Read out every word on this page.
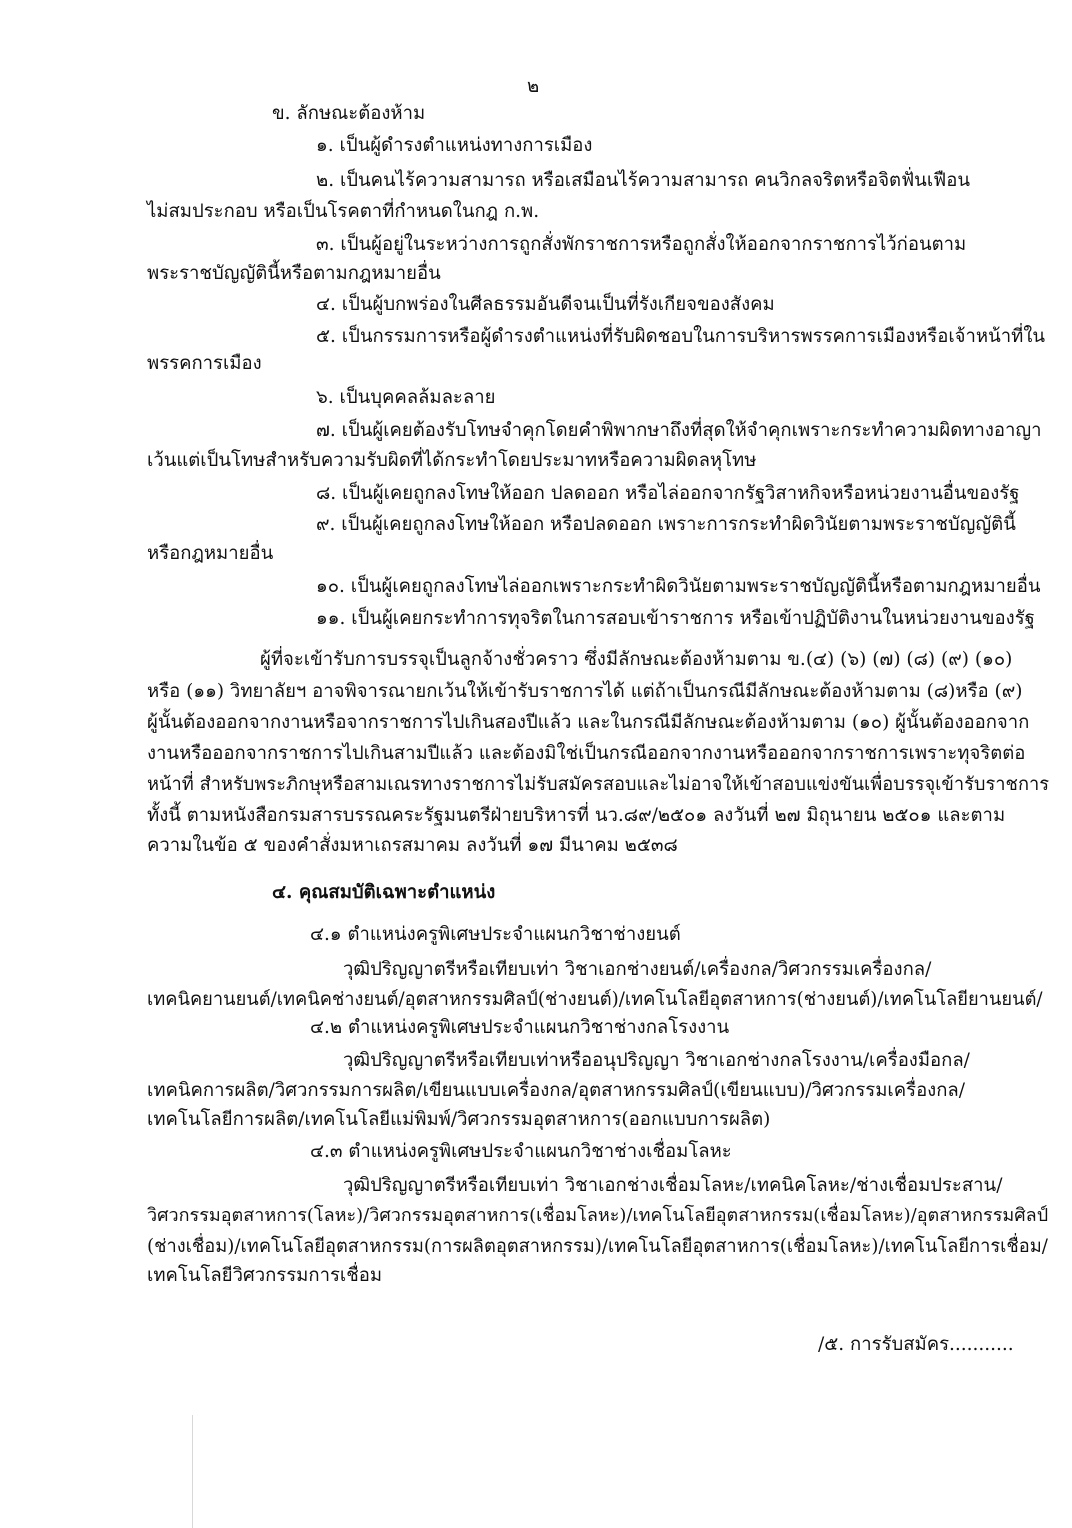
๒
ข. ลักษณะต้องห้าม
๑. เป็นผู้ดำรงตำแหน่งทางการเมือง
๒. เป็นคนไร้ความสามารถ หรือเสมือนไร้ความสามารถ คนวิกลจริตหรือจิตฟั่นเฟือน
ไม่สมประกอบ หรือเป็นโรคตาที่กำหนดในกฎ ก.พ.
๓. เป็นผู้อยู่ในระหว่างการถูกสั่งพักราชการหรือถูกสั่งให้ออกจากราชการไว้ก่อนตาม
พระราชบัญญัตินี้หรือตามกฎหมายอื่น
๔. เป็นผู้บกพร่องในศีลธรรมอันดีจนเป็นที่รังเกียจของสังคม
๕. เป็นกรรมการหรือผู้ดำรงตำแหน่งที่รับผิดชอบในการบริหารพรรคการเมืองหรือเจ้าหน้าที่ใน
พรรคการเมือง
๖. เป็นบุคคลล้มละลาย
๗. เป็นผู้เคยต้องรับโทษจำคุกโดยคำพิพากษาถึงที่สุดให้จำคุกเพราะกระทำความผิดทางอาญา
เว้นแต่เป็นโทษสำหรับความรับผิดที่ได้กระทำโดยประมาทหรือความผิดลหุโทษ
๘. เป็นผู้เคยถูกลงโทษให้ออก ปลดออก หรือไล่ออกจากรัฐวิสาหกิจหรือหน่วยงานอื่นของรัฐ
๙. เป็นผู้เคยถูกลงโทษให้ออก หรือปลดออก เพราะการกระทำผิดวินัยตามพระราชบัญญัตินี้
หรือกฎหมายอื่น
๑๐. เป็นผู้เคยถูกลงโทษไล่ออกเพราะกระทำผิดวินัยตามพระราชบัญญัตินี้หรือตามกฎหมายอื่น
๑๑. เป็นผู้เคยกระทำการทุจริตในการสอบเข้าราชการ หรือเข้าปฏิบัติงานในหน่วยงานของรัฐ
ผู้ที่จะเข้ารับการบรรจุเป็นลูกจ้างชั่วคราว ซึ่งมีลักษณะต้องห้ามตาม ข.(๔) (๖) (๗) (๘) (๙) (๑๐)
หรือ (๑๑) วิทยาลัยฯ อาจพิจารณายกเว้นให้เข้ารับราชการได้ แต่ถ้าเป็นกรณีมีลักษณะต้องห้ามตาม (๘)หรือ (๙)
ผู้นั้นต้องออกจากงานหรือจากราชการไปเกินสองปีแล้ว และในกรณีมีลักษณะต้องห้ามตาม (๑๐) ผู้นั้นต้องออกจาก
งานหรือออกจากราชการไปเกินสามปีแล้ว และต้องมิใช่เป็นกรณีออกจากงานหรือออกจากราชการเพราะทุจริตต่อ
หน้าที่ สำหรับพระภิกษุหรือสามเณรทางราชการไม่รับสมัครสอบและไม่อาจให้เข้าสอบแข่งขันเพื่อบรรจุเข้ารับราชการ
ทั้งนี้ ตามหนังสือกรมสารบรรณคระรัฐมนตรีฝ่ายบริหารที่ นว.๘๙/๒๕๐๑ ลงวันที่ ๒๗ มิถุนายน ๒๕๐๑ และตาม
ความในข้อ ๕ ของคำสั่งมหาเถรสมาคม ลงวันที่ ๑๗ มีนาคม ๒๕๓๘
๔. คุณสมบัติเฉพาะตำแหน่ง
๔.๑ ตำแหน่งครูพิเศษประจำแผนกวิชาช่างยนต์
วุฒิปริญญาตรีหรือเทียบเท่า วิชาเอกช่างยนต์/เครื่องกล/วิศวกรรมเครื่องกล/
เทคนิคยานยนต์/เทคนิคช่างยนต์/อุตสาหกรรมศิลป์(ช่างยนต์)/เทคโนโลยีอุตสาหการ(ช่างยนต์)/เทคโนโลยียานยนต์/
๔.๒ ตำแหน่งครูพิเศษประจำแผนกวิชาช่างกลโรงงาน
วุฒิปริญญาตรีหรือเทียบเท่าหรืออนุปริญญา วิชาเอกช่างกลโรงงาน/เครื่องมือกล/
เทคนิคการผลิต/วิศวกรรมการผลิต/เขียนแบบเครื่องกล/อุตสาหกรรมศิลป์(เขียนแบบ)/วิศวกรรมเครื่องกล/
เทคโนโลยีการผลิต/เทคโนโลยีแม่พิมพ์/วิศวกรรมอุตสาหการ(ออกแบบการผลิต)
๔.๓ ตำแหน่งครูพิเศษประจำแผนกวิชาช่างเชื่อมโลหะ
วุฒิปริญญาตรีหรือเทียบเท่า วิชาเอกช่างเชื่อมโลหะ/เทคนิคโลหะ/ช่างเชื่อมประสาน/
วิศวกรรมอุตสาหการ(โลหะ)/วิศวกรรมอุตสาหการ(เชื่อมโลหะ)/เทคโนโลยีอุตสาหกรรม(เชื่อมโลหะ)/อุตสาหกรรมศิลป์
(ช่างเชื่อม)/เทคโนโลยีอุตสาหกรรม(การผลิตอุตสาหกรรม)/เทคโนโลยีอุตสาหการ(เชื่อมโลหะ)/เทคโนโลยีการเชื่อม/
เทคโนโลยีวิศวกรรมการเชื่อม
/๕. การรับสมัคร...........
